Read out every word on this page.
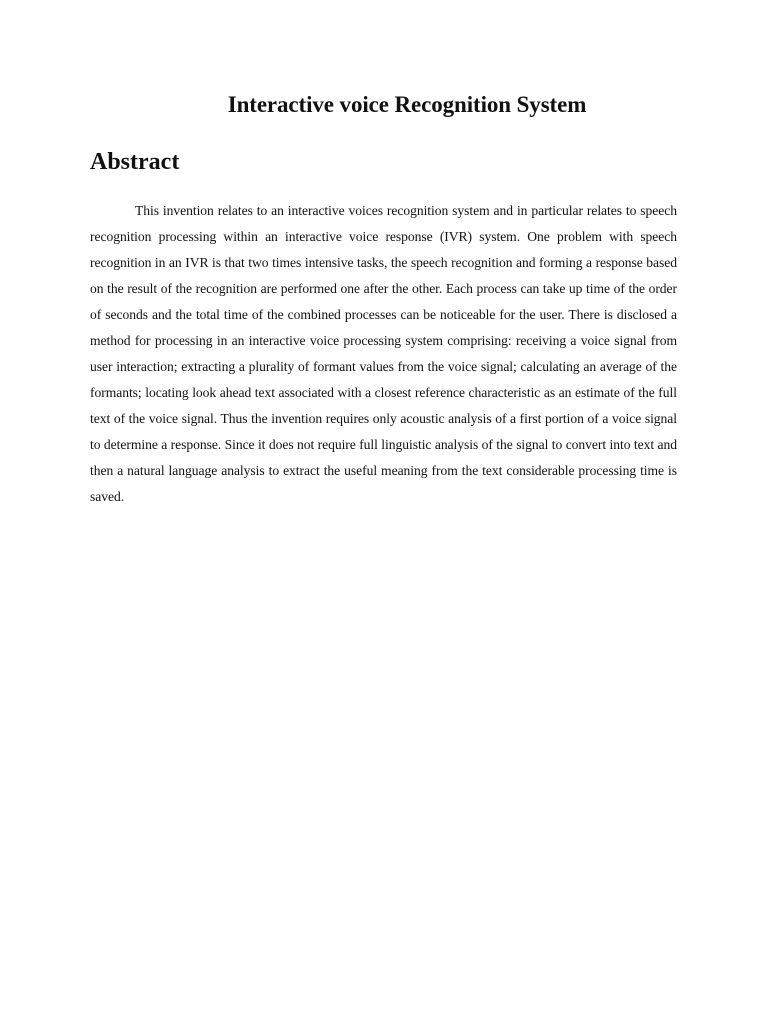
Interactive voice Recognition System
Abstract

This invention relates to an interactive voices recognition system and in particular relates to speech recognition processing within an interactive voice response (IVR) system. One problem with speech recognition in an IVR is that two times intensive tasks, the speech recognition and forming a response based on the result of the recognition are performed one after the other. Each process can take up time of the order of seconds and the total time of the combined processes can be noticeable for the user. There is disclosed a method for processing in an interactive voice processing system comprising: receiving a voice signal from user interaction; extracting a plurality of formant values from the voice signal; calculating an average of the formants; locating look ahead text associated with a closest reference characteristic as an estimate of the full text of the voice signal. Thus the invention requires only acoustic analysis of a first portion of a voice signal to determine a response. Since it does not require full linguistic analysis of the signal to convert into text and then a natural language analysis to extract the useful meaning from the text considerable processing time is saved.
